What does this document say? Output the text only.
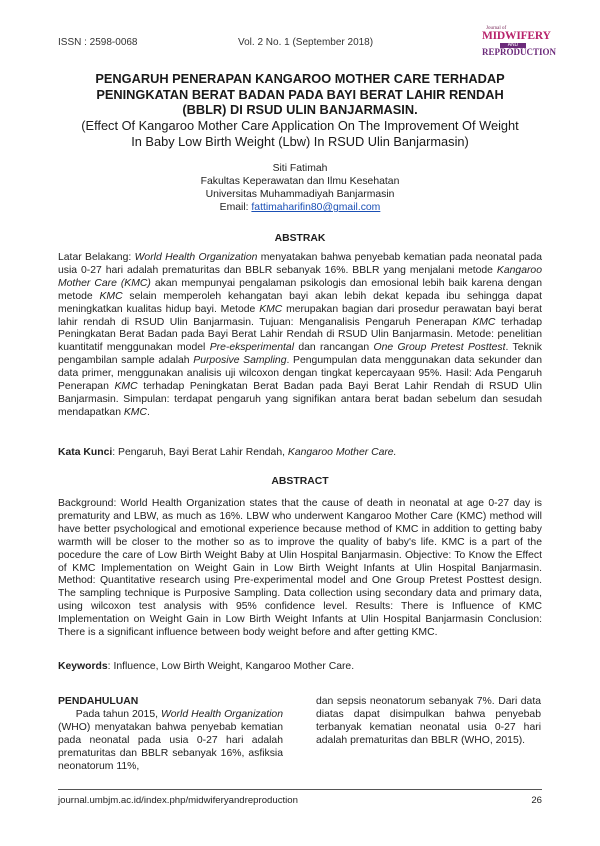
ISSN : 2598-0068	Vol. 2 No. 1 (September 2018)
Journal of
MIDWIFERY
AND
REPRODUCTION
PENGARUH PENERAPAN KANGAROO MOTHER CARE TERHADAP
PENINGKATAN BERAT BADAN PADA BAYI BERAT LAHIR RENDAH
(BBLR) DI RSUD ULIN BANJARMASIN.
(Effect Of Kangaroo Mother Care Application On The Improvement Of Weight
In Baby Low Birth Weight (Lbw) In RSUD Ulin Banjarmasin)
Siti Fatimah
Fakultas Keperawatan dan Ilmu Kesehatan
Universitas Muhammadiyah Banjarmasin
Email: fattimaharifin80@gmail.com
ABSTRAK
Latar Belakang: World Health Organization menyatakan bahwa penyebab kematian pada neonatal pada usia 0-27 hari adalah prematuritas dan BBLR sebanyak 16%. BBLR yang menjalani metode Kangaroo Mother Care (KMC) akan mempunyai pengalaman psikologis dan emosional lebih baik karena dengan metode KMC selain memperoleh kehangatan bayi akan lebih dekat kepada ibu sehingga dapat meningkatkan kualitas hidup bayi. Metode KMC merupakan bagian dari prosedur perawatan bayi berat lahir rendah di RSUD Ulin Banjarmasin. Tujuan: Menganalisis Pengaruh Penerapan KMC terhadap Peningkatan Berat Badan pada Bayi Berat Lahir Rendah di RSUD Ulin Banjarmasin. Metode: penelitian kuantitatif menggunakan model Pre-eksperimental dan rancangan One Group Pretest Posttest. Teknik pengambilan sample adalah Purposive Sampling. Pengumpulan data menggunakan data sekunder dan data primer, menggunakan analisis uji wilcoxon dengan tingkat kepercayaan 95%. Hasil: Ada Pengaruh Penerapan KMC terhadap Peningkatan Berat Badan pada Bayi Berat Lahir Rendah di RSUD Ulin Banjarmasin. Simpulan: terdapat pengaruh yang signifikan antara berat badan sebelum dan sesudah mendapatkan KMC.
Kata Kunci: Pengaruh, Bayi Berat Lahir Rendah, Kangaroo Mother Care.
ABSTRACT
Background: World Health Organization states that the cause of death in neonatal at age 0-27 day is prematurity and LBW, as much as 16%. LBW who underwent Kangaroo Mother Care (KMC) method will have better psychological and emotional experience because method of KMC in addition to getting baby warmth will be closer to the mother so as to improve the quality of baby's life. KMC is a part of the pocedure the care of Low Birth Weight Baby at Ulin Hospital Banjarmasin. Objective: To Know the Effect of KMC Implementation on Weight Gain in Low Birth Weight Infants at Ulin Hospital Banjarmasin. Method: Quantitative research using Pre-experimental model and One Group Pretest Posttest design. The sampling technique is Purposive Sampling. Data collection using secondary data and primary data, using wilcoxon test analysis with 95% confidence level. Results: There is Influence of KMC Implementation on Weight Gain in Low Birth Weight Infants at Ulin Hospital Banjarmasin Conclusion: There is a significant influence between body weight before and after getting KMC.
Keywords: Influence, Low Birth Weight, Kangaroo Mother Care.
PENDAHULUAN
Pada tahun 2015, World Health Organization (WHO) menyatakan bahwa penyebab kematian pada neonatal pada usia 0-27 hari adalah prematuritas dan BBLR sebanyak 16%, asfiksia neonatorum 11%,
dan sepsis neonatorum sebanyak 7%. Dari data diatas dapat disimpulkan bahwa penyebab terbanyak kematian neonatal usia 0-27 hari adalah prematuritas dan BBLR (WHO, 2015).
journal.umbjm.ac.id/index.php/midwiferyandreproduction	26
